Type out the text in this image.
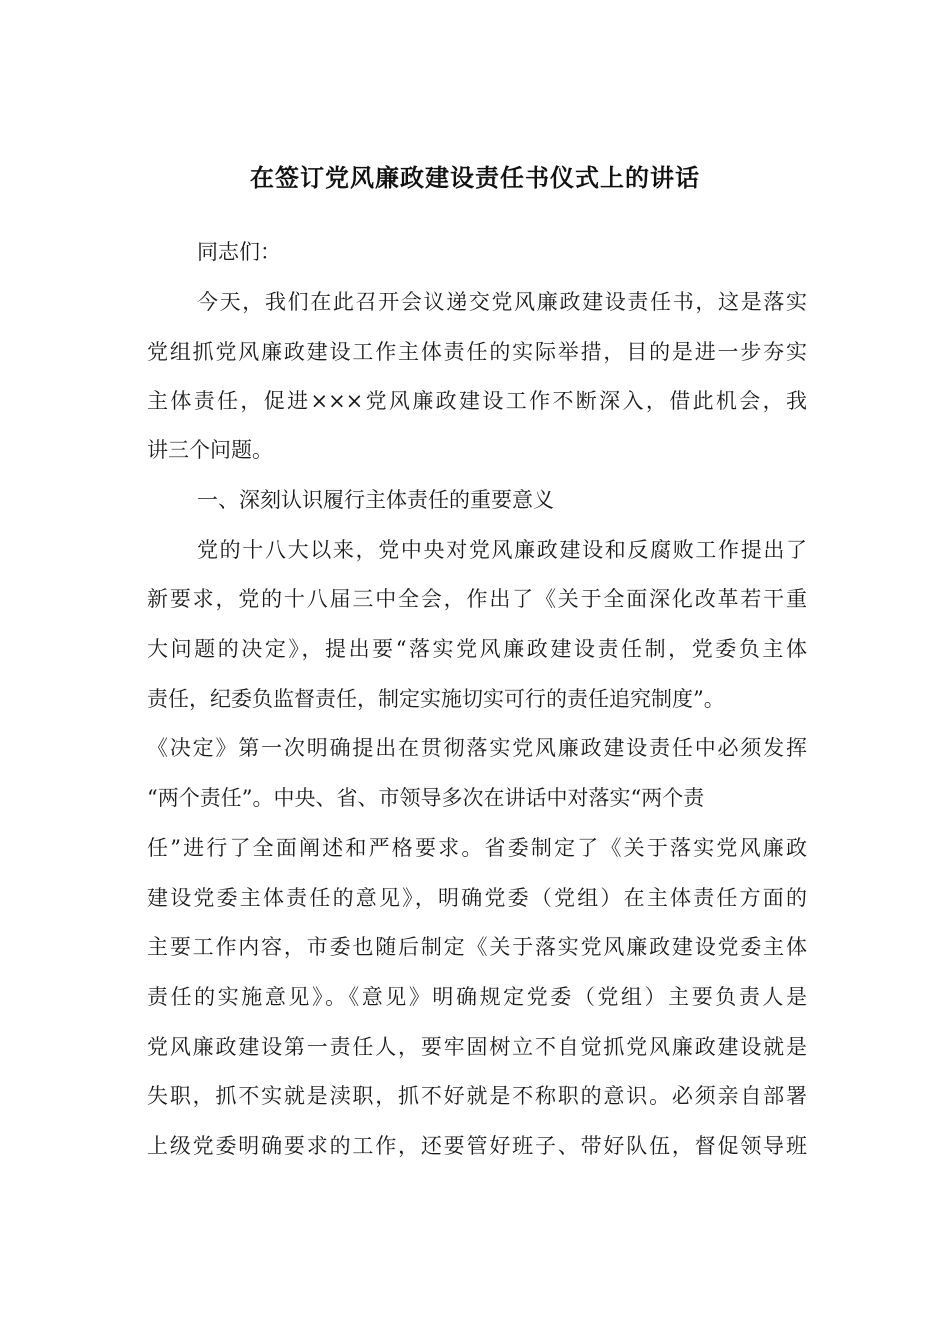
在签订党风廉政建设责任书仪式上的讲话
同志们：
今天，我们在此召开会议递交党风廉政建设责任书，这是落实
党组抓党风廉政建设工作主体责任的实际举措，目的是进一步夯实
主体责任，促进×××党风廉政建设工作不断深入，借此机会，我
讲三个问题。
一、深刻认识履行主体责任的重要意义
党的十八大以来，党中央对党风廉政建设和反腐败工作提出了
新要求，党的十八届三中全会，作出了《关于全面深化改革若干重
大问题的决定》，提出要“落实党风廉政建设责任制，党委负主体
责任，纪委负监督责任，制定实施切实可行的责任追究制度”。
《决定》第一次明确提出在贯彻落实党风廉政建设责任中必须发挥
“两个责任”。中央、省、市领导多次在讲话中对落实“两个责
任”进行了全面阐述和严格要求。省委制定了《关于落实党风廉政
建设党委主体责任的意见》，明确党委（党组）在主体责任方面的
主要工作内容，市委也随后制定《关于落实党风廉政建设党委主体
责任的实施意见》。《意见》明确规定党委（党组）主要负责人是
党风廉政建设第一责任人，要牢固树立不自觉抓党风廉政建设就是
失职，抓不实就是渎职，抓不好就是不称职的意识。必须亲自部署
上级党委明确要求的工作，还要管好班子、带好队伍，督促领导班
